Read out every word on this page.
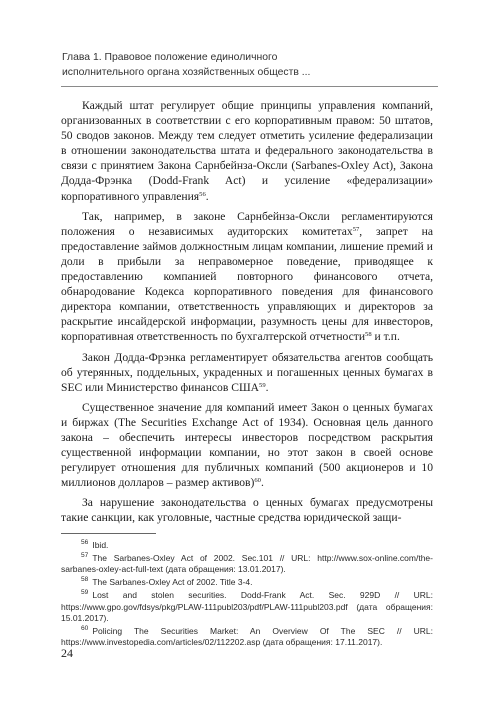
Глава 1. Правовое положение единоличного
исполнительного органа хозяйственных обществ ...

Каждый штат регулирует общие принципы управления компаний, организованных в соответствии с его корпоративным правом: 50 штатов, 50 сводов законов. Между тем следует отметить усиление федерализации в отношении законодательства штата и федерального законодательства в связи с принятием Закона Сарнбейнза-Оксли (Sarbanes-Oxley Act), Закона Додда-Фрэнка (Dodd-Frank Act) и усиление «федерализации» корпоративного управления$^{56}$.

Так, например, в законе Сарнбейнза-Оксли регламентируются положения о независимых аудиторских комитетах$^{57}$, запрет на предоставление займов должностным лицам компании, лишение премий и доли в прибыли за неправомерное поведение, приводящее к предоставлению компанией повторного финансового отчета, обнародование Кодекса корпоративного поведения для финансового директора компании, ответственность управляющих и директоров за раскрытие инсайдерской информации, разумность цены для инвесторов, корпоративная ответственность по бухгалтерской отчетности$^{58}$ и т.п.

Закон Додда-Фрэнка регламентирует обязательства агентов сообщать об утерянных, поддельных, украденных и погашенных ценных бумагах в SEC или Министерство финансов США$^{59}$.

Существенное значение для компаний имеет Закон о ценных бумагах и биржах (The Securities Exchange Act of 1934). Основная цель данного закона – обеспечить интересы инвесторов посредством раскрытия существенной информации компании, но этот закон в своей основе регулирует отношения для публичных компаний (500 акционеров и 10 миллионов долларов – размер активов)$^{60}$.

За нарушение законодательства о ценных бумагах предусмотрены такие санкции, как уголовные, частные средства юридической защи-

$^{56}$ Ibid.
$^{57}$ The Sarbanes-Oxley Act of 2002. Sec.101 // URL: http://www.sox-online.com/the-sarbanes-oxley-act-full-text (дата обращения: 13.01.2017).
$^{58}$ The Sarbanes-Oxley Act of 2002. Title 3-4.
$^{59}$ Lost and stolen securities. Dodd-Frank Act. Sec. 929D // URL: https://www.gpo.gov/fdsys/pkg/PLAW-111publ203/pdf/PLAW-111publ203.pdf (дата обращения: 15.01.2017).
$^{60}$ Policing The Securities Market: An Overview Of The SEC // URL: https://www.investopedia.com/articles/02/112202.asp (дата обращения: 17.11.2017).
24
